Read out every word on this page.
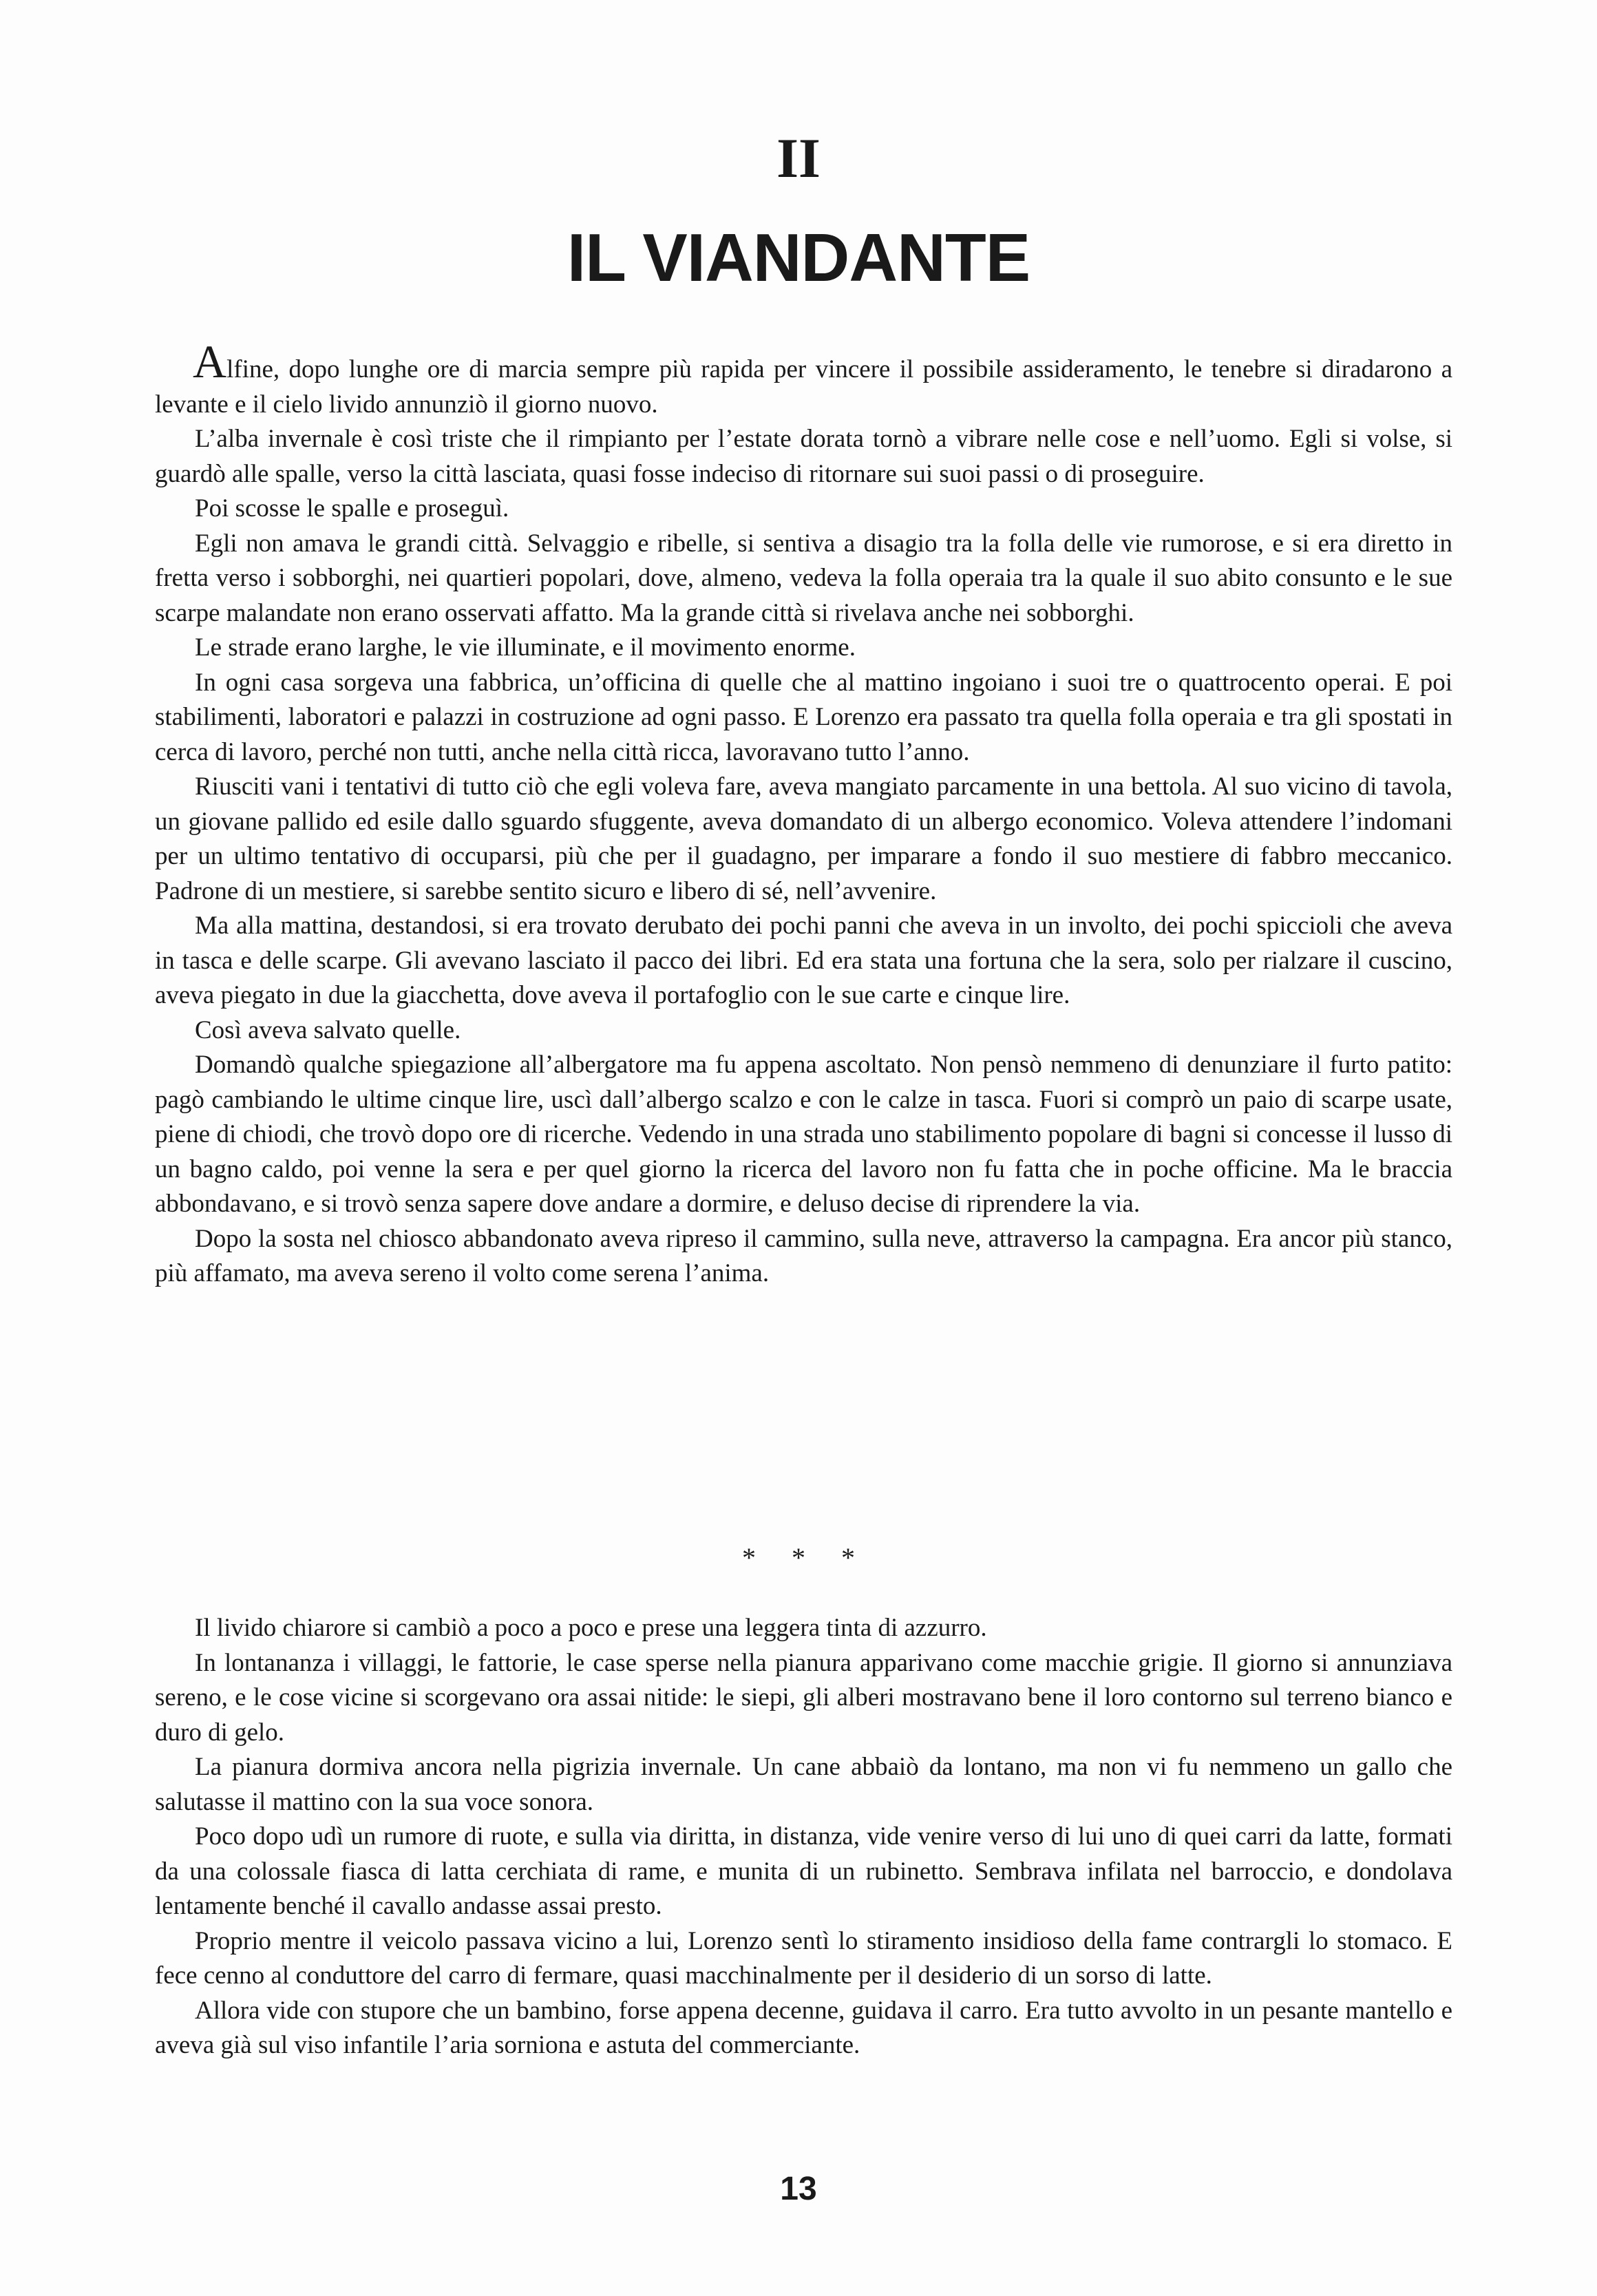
II
IL VIANDANTE

Alfine, dopo lunghe ore di marcia sempre più rapida per vincere il possibile assideramento, le tenebre si diradarono a levante e il cielo livido annunziò il giorno nuovo.

L’alba invernale è così triste che il rimpianto per l’estate dorata tornò a vibrare nelle cose e nell’uomo. Egli si volse, si guardò alle spalle, verso la città lasciata, quasi fosse indeciso di ritornare sui suoi passi o di proseguire.

Poi scosse le spalle e proseguì.

Egli non amava le grandi città. Selvaggio e ribelle, si sentiva a disagio tra la folla delle vie rumorose, e si era diretto in fretta verso i sobborghi, nei quartieri popolari, dove, almeno, vedeva la folla operaia tra la quale il suo abito consunto e le sue scarpe malandate non erano osservati affatto. Ma la grande città si rivelava anche nei sobborghi.

Le strade erano larghe, le vie illuminate, e il movimento enorme.

In ogni casa sorgeva una fabbrica, un’officina di quelle che al mattino ingoiano i suoi tre o quattrocento operai. E poi stabilimenti, laboratori e palazzi in costruzione ad ogni passo. E Lorenzo era passato tra quella folla operaia e tra gli spostati in cerca di lavoro, perché non tutti, anche nella città ricca, lavoravano tutto l’anno.

Riusciti vani i tentativi di tutto ciò che egli voleva fare, aveva mangiato parcamente in una bettola. Al suo vicino di tavola, un giovane pallido ed esile dallo sguardo sfuggente, aveva domandato di un albergo economico. Voleva attendere l’indomani per un ultimo tentativo di occuparsi, più che per il guadagno, per imparare a fondo il suo mestiere di fabbro meccanico. Padrone di un mestiere, si sarebbe sentito sicuro e libero di sé, nell’avvenire.

Ma alla mattina, destandosi, si era trovato derubato dei pochi panni che aveva in un involto, dei pochi spiccioli che aveva in tasca e delle scarpe. Gli avevano lasciato il pacco dei libri. Ed era stata una fortuna che la sera, solo per rialzare il cuscino, aveva piegato in due la giacchetta, dove aveva il portafoglio con le sue carte e cinque lire.

Così aveva salvato quelle.

Domandò qualche spiegazione all’albergatore ma fu appena ascoltato. Non pensò nemmeno di denunziare il furto patito: pagò cambiando le ultime cinque lire, uscì dall’albergo scalzo e con le calze in tasca. Fuori si comprò un paio di scarpe usate, piene di chiodi, che trovò dopo ore di ricerche. Vedendo in una strada uno stabilimento popolare di bagni si concesse il lusso di un bagno caldo, poi venne la sera e per quel giorno la ricerca del lavoro non fu fatta che in poche officine. Ma le braccia abbondavano, e si trovò senza sapere dove andare a dormire, e deluso decise di riprendere la via.

Dopo la sosta nel chiosco abbandonato aveva ripreso il cammino, sulla neve, attraverso la campagna. Era ancor più stanco, più affamato, ma aveva sereno il volto come serena l’anima.

* * *

Il livido chiarore si cambiò a poco a poco e prese una leggera tinta di azzurro.

In lontananza i villaggi, le fattorie, le case sperse nella pianura apparivano come macchie grigie. Il giorno si annunziava sereno, e le cose vicine si scorgevano ora assai nitide: le siepi, gli alberi mostravano bene il loro contorno sul terreno bianco e duro di gelo.

La pianura dormiva ancora nella pigrizia invernale. Un cane abbaiò da lontano, ma non vi fu nemmeno un gallo che salutasse il mattino con la sua voce sonora.

Poco dopo udì un rumore di ruote, e sulla via diritta, in distanza, vide venire verso di lui uno di quei carri da latte, formati da una colossale fiasca di latta cerchiata di rame, e munita di un rubinetto. Sembrava infilata nel barroccio, e dondolava lentamente benché il cavallo andasse assai presto.

Proprio mentre il veicolo passava vicino a lui, Lorenzo sentì lo stiramento insidioso della fame contrargli lo stomaco. E fece cenno al conduttore del carro di fermare, quasi macchinalmente per il desiderio di un sorso di latte.

Allora vide con stupore che un bambino, forse appena decenne, guidava il carro. Era tutto avvolto in un pesante mantello e aveva già sul viso infantile l’aria sorniona e astuta del commerciante.

13
